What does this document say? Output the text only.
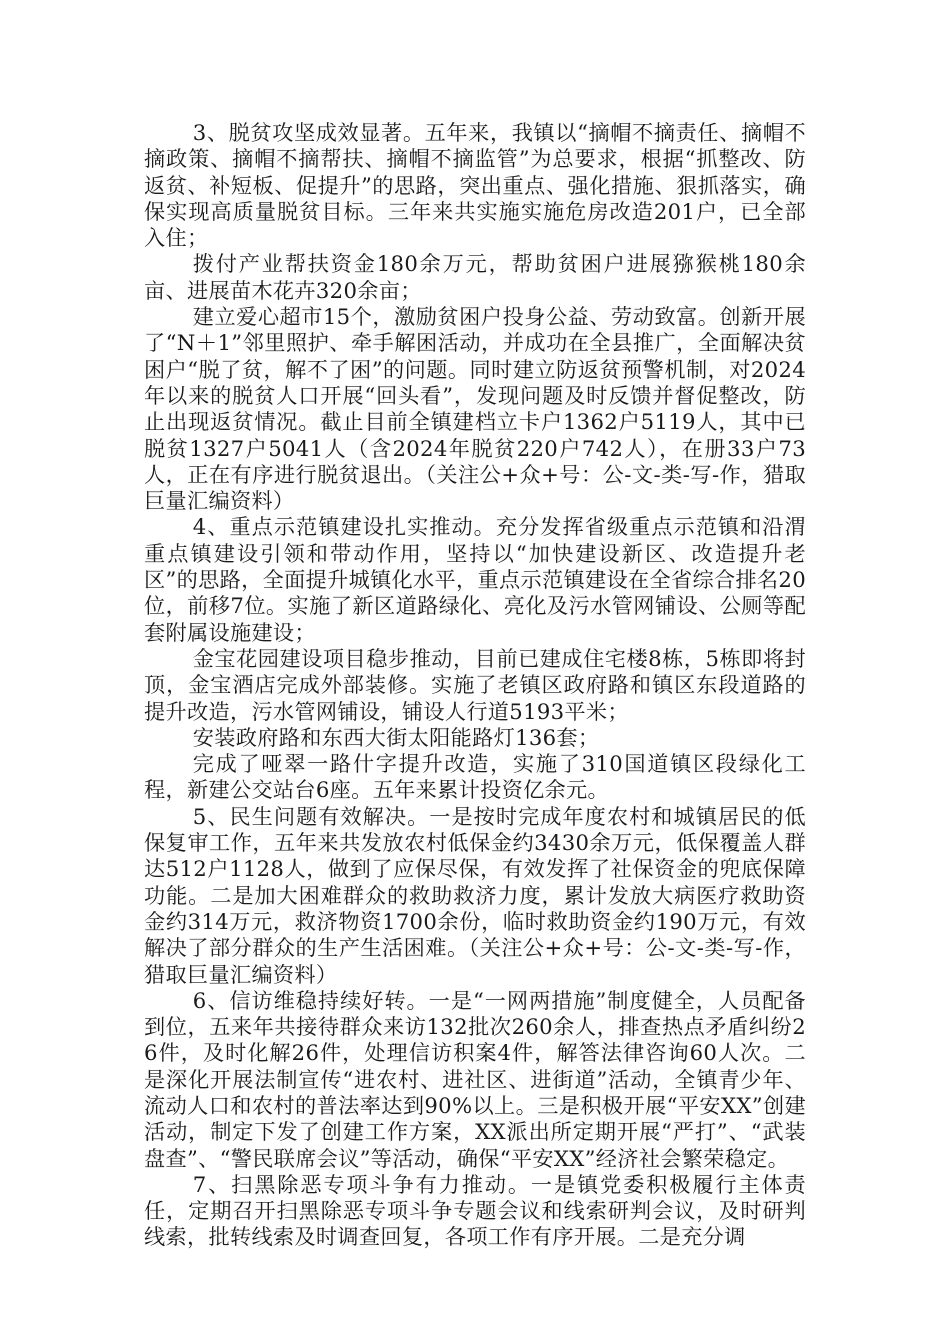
3、脱贫攻坚成效显著。五年来，我镇以“摘帽不摘责任、摘帽不摘政策、摘帽不摘帮扶、摘帽不摘监管”为总要求，根据“抓整改、防返贫、补短板、促提升”的思路，突出重点、强化措施、狠抓落实，确保实现高质量脱贫目标。三年来共实施实施危房改造201户，已全部入住；

拨付产业帮扶资金180余万元，帮助贫困户进展猕猴桃180余亩、进展苗木花卉320余亩；

建立爱心超市15个，激励贫困户投身公益、劳动致富。创新开展了“N＋1”邻里照护、牵手解困活动，并成功在全县推广，全面解决贫困户“脱了贫，解不了困”的问题。同时建立防返贫预警机制，对2024年以来的脱贫人口开展“回头看”，发现问题及时反馈并督促整改，防止出现返贫情况。截止目前全镇建档立卡户1362户5119人，其中已脱贫1327户5041人（含2024年脱贫220户742人），在册33户73人，正在有序进行脱贫退出。（关注公+众+号：公-文-类-写-作，猎取巨量汇编资料）

4、重点示范镇建设扎实推动。充分发挥省级重点示范镇和沿渭重点镇建设引领和带动作用，坚持以“加快建设新区、改造提升老区”的思路，全面提升城镇化水平，重点示范镇建设在全省综合排名20位，前移7位。实施了新区道路绿化、亮化及污水管网铺设、公厕等配套附属设施建设；

金宝花园建设项目稳步推动，目前已建成住宅楼8栋，5栋即将封顶，金宝酒店完成外部装修。实施了老镇区政府路和镇区东段道路的提升改造，污水管网铺设，铺设人行道5193平米；

安装政府路和东西大街太阳能路灯136套；

完成了哑翠一路什字提升改造，实施了310国道镇区段绿化工程，新建公交站台6座。五年来累计投资亿余元。

5、民生问题有效解决。一是按时完成年度农村和城镇居民的低保复审工作，五年来共发放农村低保金约3430余万元，低保覆盖人群达512户1128人，做到了应保尽保，有效发挥了社保资金的兜底保障功能。二是加大困难群众的救助救济力度，累计发放大病医疗救助资金约314万元，救济物资1700余份，临时救助资金约190万元，有效解决了部分群众的生产生活困难。（关注公+众+号：公-文-类-写-作，猎取巨量汇编资料）

6、信访维稳持续好转。一是“一网两措施”制度健全，人员配备到位，五来年共接待群众来访132批次260余人，排查热点矛盾纠纷26件，及时化解26件，处理信访积案4件，解答法律咨询60人次。二是深化开展法制宣传“进农村、进社区、进街道”活动，全镇青少年、流动人口和农村的普法率达到90%以上。三是积极开展“平安XX”创建活动，制定下发了创建工作方案，XX派出所定期开展“严打”、“武装盘查”、“警民联席会议”等活动，确保“平安XX”经济社会繁荣稳定。

7、扫黑除恶专项斗争有力推动。一是镇党委积极履行主体责任，定期召开扫黑除恶专项斗争专题会议和线索研判会议，及时研判线索，批转线索及时调查回复，各项工作有序开展。二是充分调
